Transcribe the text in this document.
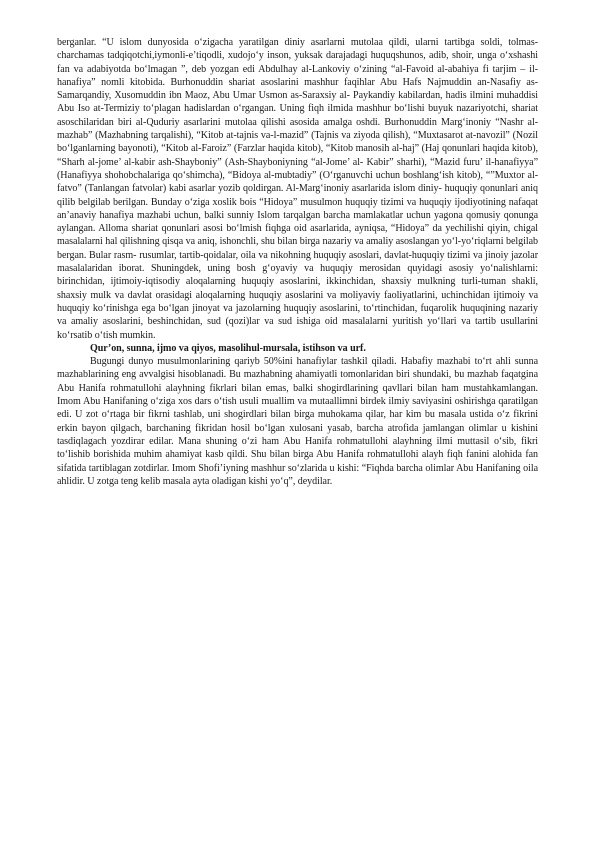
berganlar. “U islom dunyosida o‘zigacha yaratilgan diniy asarlarni mutolaa qildi, ularni tartibga soldi, tolmas-charchamas tadqiqotchi,iymonli-e’tiqodli, xudojo‘y inson, yuksak darajadagi huquqshunos, adib, shoir, unga o‘xshashi fan va adabiyotda bo‘lmagan ”, deb yozgan edi Abdulhay al-Lankoviy o‘zining “al-Favoid al-abahiya fi tarjim – il-hanafiya” nomli kitobida. Burhonuddin shariat asoslarini mashhur faqihlar Abu Hafs Najmuddin an-Nasafiy as-Samarqandiy, Xusomuddin ibn Maoz, Abu Umar Usmon as-Saraxsiy al- Paykandiy kabilardan, hadis ilmini muhaddisi Abu Iso at-Termiziy to‘plagan hadislardan o‘rgangan. Uning fiqh ilmida mashhur bo‘lishi buyuk nazariyotchi, shariat asoschilaridan biri al-Quduriy asarlarini mutolaa qilishi asosida amalga oshdi. Burhonuddin Marg‘inoniy “Nashr al-mazhab” (Mazhabning tarqalishi), “Kitob at-tajnis va-l-mazid” (Tajnis va ziyoda qilish), “Muxtasarot at-navozil” (Nozil bo‘lganlarning bayonoti), “Kitob al-Faroiz” (Farzlar haqida kitob), “Kitob manosih al-haj” (Haj qonunlari haqida kitob), “Sharh al-jome’ al-kabir ash-Shayboniy” (Ash-Shayboniyning “al-Jome’ al- Kabir” sharhi), “Mazid furu’ il-hanafiyya” (Hanafiyya shohobchalariga qo‘shimcha), “Bidoya al-mubtadiy” (O‘rganuvchi uchun boshlang‘ish kitob), “”Muxtor al-fatvo” (Tanlangan fatvolar) kabi asarlar yozib qoldirgan. Al-Marg‘inoniy asarlarida islom diniy- huquqiy qonunlari aniq qilib belgilab berilgan. Bunday o‘ziga xoslik bois “Hidoya” musulmon huquqiy tizimi va huquqiy ijodiyotining nafaqat an’anaviy hanafiya mazhabi uchun, balki sunniy Islom tarqalgan barcha mamlakatlar uchun yagona qomusiy qonunga aylangan. Alloma shariat qonunlari asosi bo‘lmish fiqhga oid asarlarida, ayniqsa, “Hidoya” da yechilishi qiyin, chigal masalalarni hal qilishning qisqa va aniq, ishonchli, shu bilan birga nazariy va amaliy asoslangan yo‘l-yo‘riqlarni belgilab bergan. Bular rasm- rusumlar, tartib-qoidalar, oila va nikohning huquqiy asoslari, davlat-huquqiy tizimi va jinoiy jazolar masalalaridan iborat. Shuningdek, uning bosh g‘oyaviy va huquqiy merosidan quyidagi asosiy yo‘nalishlarni: birinchidan, ijtimoiy-iqtisodiy aloqalarning huquqiy asoslarini, ikkinchidan, shaxsiy mulkning turli-tuman shakli, shaxsiy mulk va davlat orasidagi aloqalarning huquqiy asoslarini va moliyaviy faoliyatlarini, uchinchidan ijtimoiy va huquqiy ko‘rinishga ega bo‘lgan jinoyat va jazolarning huquqiy asoslarini, to‘rtinchidan, fuqarolik huquqining nazariy va amaliy asoslarini, beshinchidan, sud (qozi)lar va sud ishiga oid masalalarni yuritish yo‘llari va tartib usullarini ko‘rsatib o‘tish mumkin.

Qur’on, sunna, ijmo va qiyos, masolihul-mursala, istihson va urf.

Bugungi dunyo musulmonlarining qariyb 50%ini hanafiylar tashkil qiladi. Habafiy mazhabi to‘rt ahli sunna mazhablarining eng avvalgisi hisoblanadi. Bu mazhabning ahamiyatli tomonlaridan biri shundaki, bu mazhab faqatgina Abu Hanifa rohmatullohi alayhning fikrlari bilan emas, balki shogirdlarining qavllari bilan ham mustahkamlangan. Imom Abu Hanifaning o‘ziga xos dars o‘tish usuli muallim va mutaallimni birdek ilmiy saviyasini oshirishga qaratilgan edi. U zot o‘rtaga bir fikrni tashlab, uni shogirdlari bilan birga muhokama qilar, har kim bu masala ustida o‘z fikrini erkin bayon qilgach, barchaning fikridan hosil bo‘lgan xulosani yasab, barcha atrofida jamlangan olimlar u kishini tasdiqlagach yozdirar edilar. Mana shuning o‘zi ham Abu Hanifa rohmatullohi alayhning ilmi muttasil o‘sib, fikri to‘lishib borishida muhim ahamiyat kasb qildi. Shu bilan birga Abu Hanifa rohmatullohi alayh fiqh fanini alohida fan sifatida tartiblagan zotdirlar. Imom Shofi’iyning mashhur so‘zlarida u kishi: “Fiqhda barcha olimlar Abu Hanifaning oila ahlidir. U zotga teng kelib masala ayta oladigan kishi yo‘q”, deydilar.
